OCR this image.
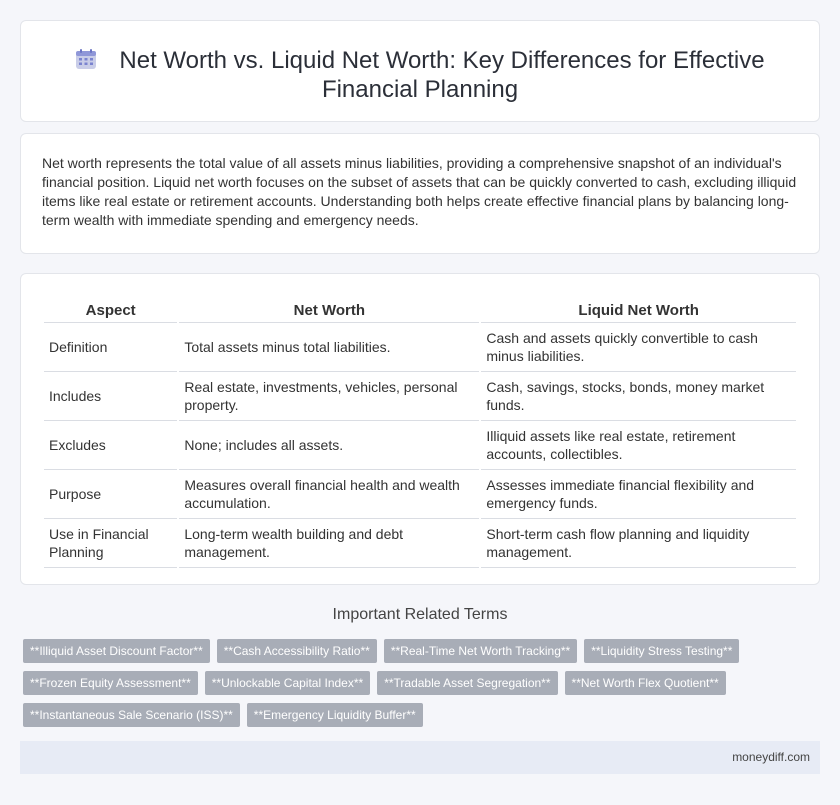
Net Worth vs. Liquid Net Worth: Key Differences for Effective Financial Planning

Net worth represents the total value of all assets minus liabilities, providing a comprehensive snapshot of an individual's financial position. Liquid net worth focuses on the subset of assets that can be quickly converted to cash, excluding illiquid items like real estate or retirement accounts. Understanding both helps create effective financial plans by balancing long-term wealth with immediate spending and emergency needs.

Aspect	Net Worth	Liquid Net Worth
Definition	Total assets minus total liabilities.	Cash and assets quickly convertible to cash minus liabilities.
Includes	Real estate, investments, vehicles, personal property.	Cash, savings, stocks, bonds, money market funds.
Excludes	None; includes all assets.	Illiquid assets like real estate, retirement accounts, collectibles.
Purpose	Measures overall financial health and wealth accumulation.	Assesses immediate financial flexibility and emergency funds.
Use in Financial Planning	Long-term wealth building and debt management.	Short-term cash flow planning and liquidity management.
Important Related Terms
**Illiquid Asset Discount Factor**	**Cash Accessibility Ratio**	**Real-Time Net Worth Tracking**	**Liquidity Stress Testing**
**Frozen Equity Assessment**	**Unlockable Capital Index**	**Tradable Asset Segregation**	**Net Worth Flex Quotient**
**Instantaneous Sale Scenario (ISS)**	**Emergency Liquidity Buffer**
moneydiff.com
